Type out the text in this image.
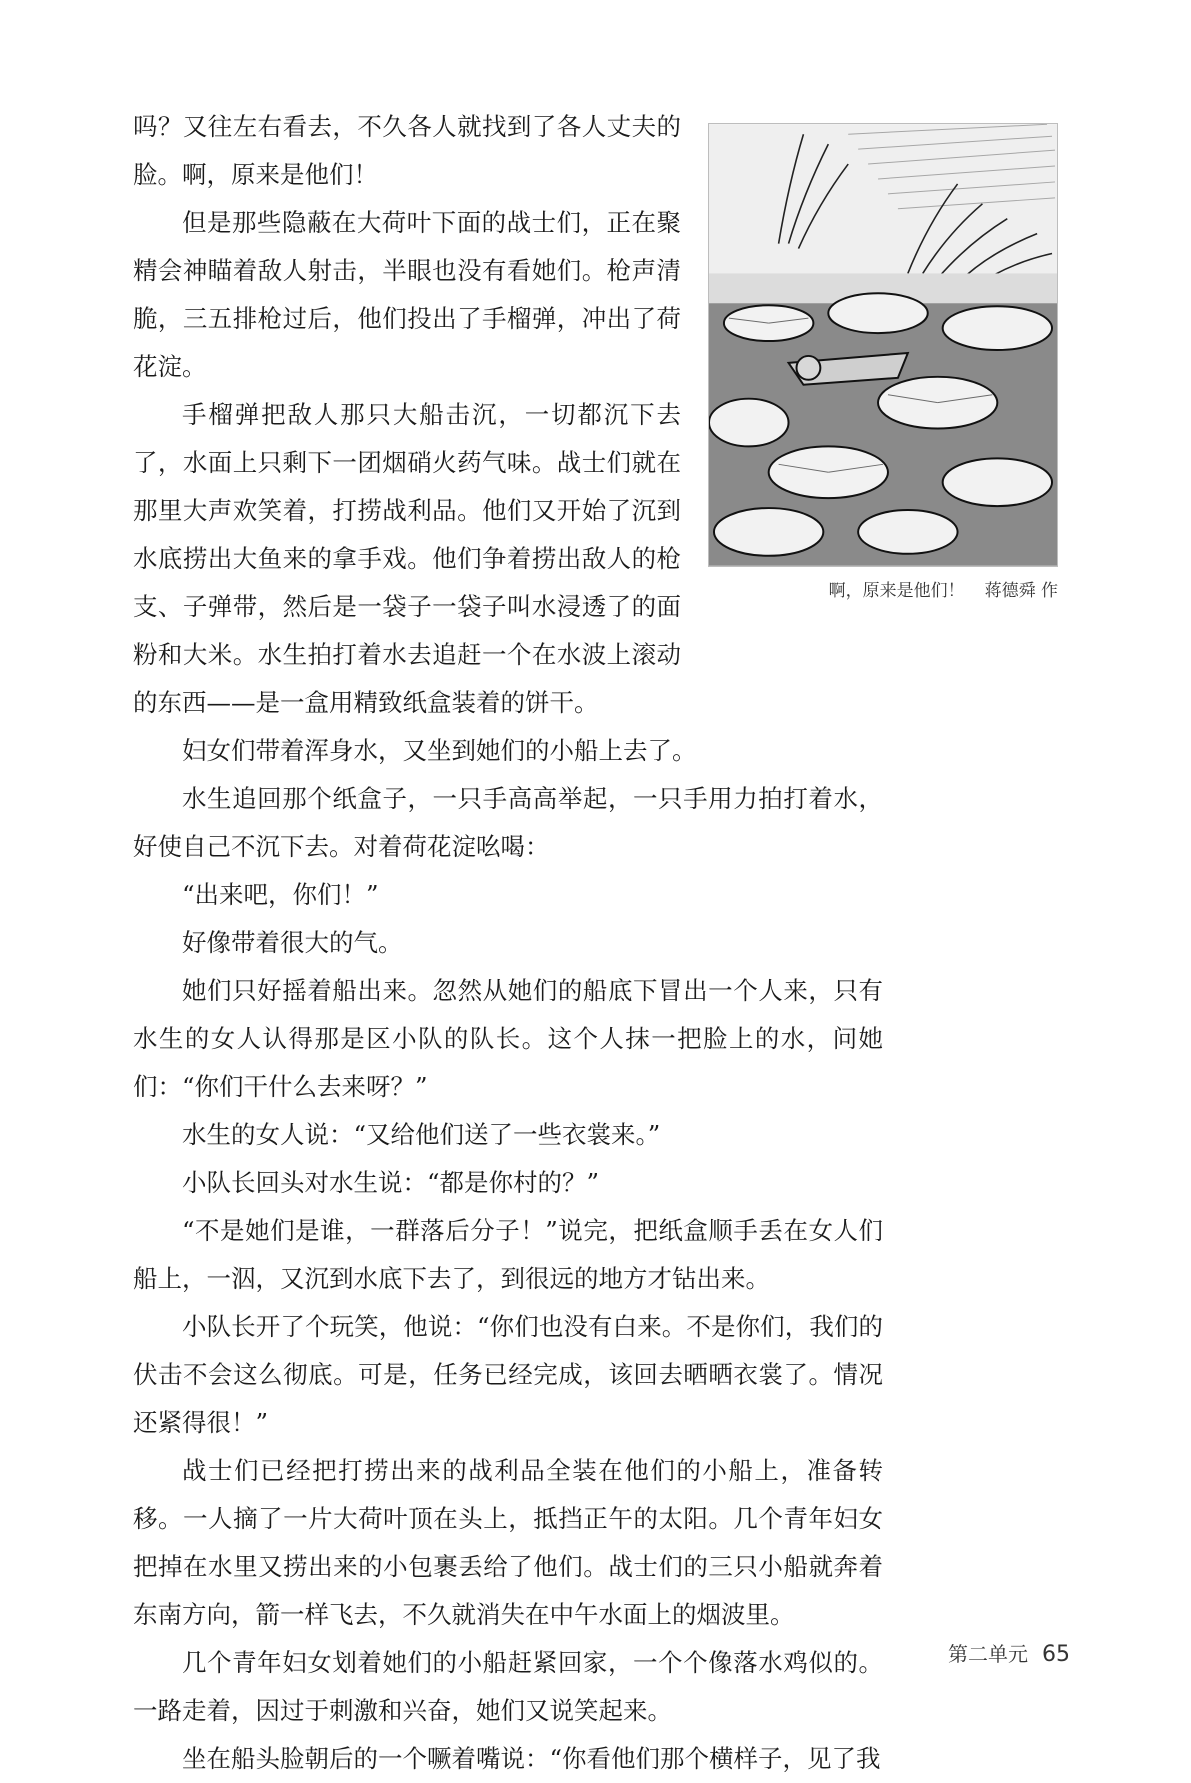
啊，原来是他们！ 蒋德舜 作

吗？又往左右看去，不久各人就找到了各人丈夫的脸。啊，原来是他们！

但是那些隐蔽在大荷叶下面的战士们，正在聚精会神瞄着敌人射击，半眼也没有看她们。枪声清脆，三五排枪过后，他们投出了手榴弹，冲出了荷花淀。

手榴弹把敌人那只大船击沉，一切都沉下去了，水面上只剩下一团烟硝火药气味。战士们就在那里大声欢笑着，打捞战利品。他们又开始了沉到水底捞出大鱼来的拿手戏。他们争着捞出敌人的枪支、子弹带，然后是一袋子一袋子叫水浸透了的面粉和大米。水生拍打着水去追赶一个在水波上滚动的东西——是一盒用精致纸盒装着的饼干。

妇女们带着浑身水，又坐到她们的小船上去了。

水生追回那个纸盒子，一只手高高举起，一只手用力拍打着水，好使自己不沉下去。对着荷花淀吆喝：

“出来吧，你们！”

好像带着很大的气。

她们只好摇着船出来。忽然从她们的船底下冒出一个人来，只有水生的女人认得那是区小队的队长。这个人抹一把脸上的水，问她们：“你们干什么去来呀？”

水生的女人说：“又给他们送了一些衣裳来。”

小队长回头对水生说：“都是你村的？”

“不是她们是谁，一群落后分子！”说完，把纸盒顺手丢在女人们船上，一泅，又沉到水底下去了，到很远的地方才钻出来。

小队长开了个玩笑，他说：“你们也没有白来。不是你们，我们的伏击不会这么彻底。可是，任务已经完成，该回去晒晒衣裳了。情况还紧得很！”

战士们已经把打捞出来的战利品全装在他们的小船上，准备转移。一人摘了一片大荷叶顶在头上，抵挡正午的太阳。几个青年妇女把掉在水里又捞出来的小包裹丢给了他们。战士们的三只小船就奔着东南方向，箭一样飞去，不久就消失在中午水面上的烟波里。

几个青年妇女划着她们的小船赶紧回家，一个个像落水鸡似的。一路走着，因过于刺激和兴奋，她们又说笑起来。

坐在船头脸朝后的一个噘着嘴说：“你看他们那个横样子，见了我

第二单元 65
